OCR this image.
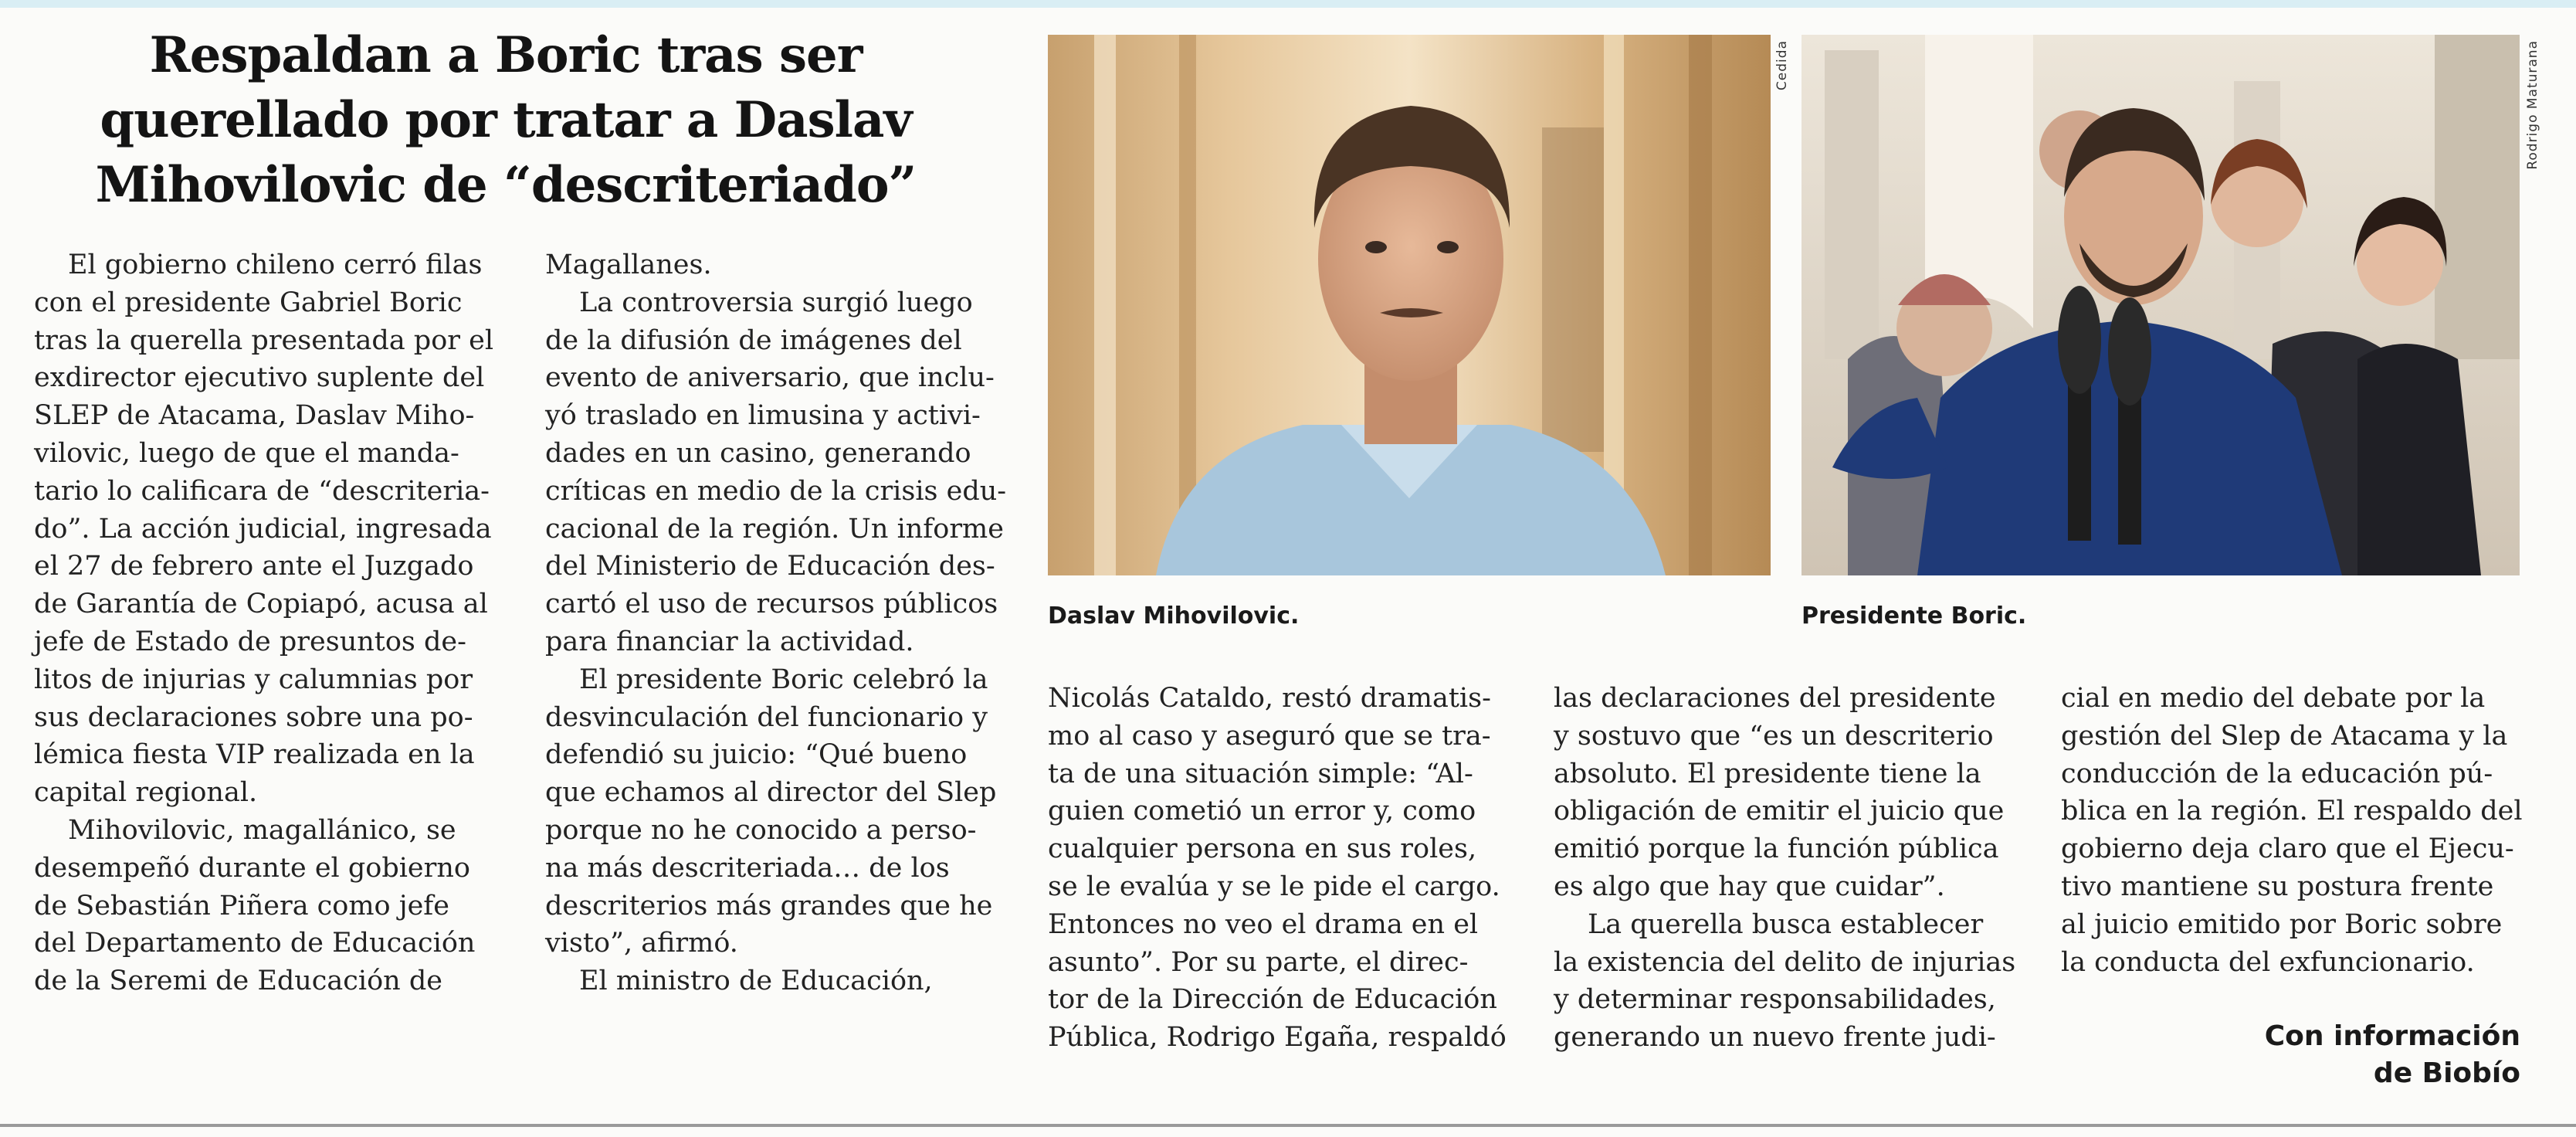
Respaldan a Boric tras ser
querellado por tratar a Daslav
Mihovilovic de “descriteriado”
El gobierno chileno cerró filas
con el presidente Gabriel Boric
tras la querella presentada por el
exdirector ejecutivo suplente del
SLEP de Atacama, Daslav Miho-
vilovic, luego de que el manda-
tario lo calificara de “descriteria-
do”. La acción judicial, ingresada
el 27 de febrero ante el Juzgado
de Garantía de Copiapó, acusa al
jefe de Estado de presuntos de-
litos de injurias y calumnias por
sus declaraciones sobre una po-
lémica fiesta VIP realizada en la
capital regional.
Mihovilovic, magallánico, se
desempeñó durante el gobierno
de Sebastián Piñera como jefe
del Departamento de Educación
de la Seremi de Educación de
Magallanes.
La controversia surgió luego
de la difusión de imágenes del
evento de aniversario, que inclu-
yó traslado en limusina y activi-
dades en un casino, generando
críticas en medio de la crisis edu-
cacional de la región. Un informe
del Ministerio de Educación des-
cartó el uso de recursos públicos
para financiar la actividad.
El presidente Boric celebró la
desvinculación del funcionario y
defendió su juicio: “Qué bueno
que echamos al director del Slep
porque no he conocido a perso-
na más descriteriada… de los
descriterios más grandes que he
visto”, afirmó.
El ministro de Educación,
Nicolás Cataldo, restó dramatis-
mo al caso y aseguró que se tra-
ta de una situación simple: “Al-
guien cometió un error y, como
cualquier persona en sus roles,
se le evalúa y se le pide el cargo.
Entonces no veo el drama en el
asunto”. Por su parte, el direc-
tor de la Dirección de Educación
Pública, Rodrigo Egaña, respaldó
las declaraciones del presidente
y sostuvo que “es un descriterio
absoluto. El presidente tiene la
obligación de emitir el juicio que
emitió porque la función pública
es algo que hay que cuidar”.
La querella busca establecer
la existencia del delito de injurias
y determinar responsabilidades,
generando un nuevo frente judi-
cial en medio del debate por la
gestión del Slep de Atacama y la
conducción de la educación pú-
blica en la región. El respaldo del
gobierno deja claro que el Ejecu-
tivo mantiene su postura frente
al juicio emitido por Boric sobre
la conducta del exfuncionario.
Con información
de Biobío
Cedida
Daslav Mihovilovic.
Rodrigo Maturana
Presidente Boric.
